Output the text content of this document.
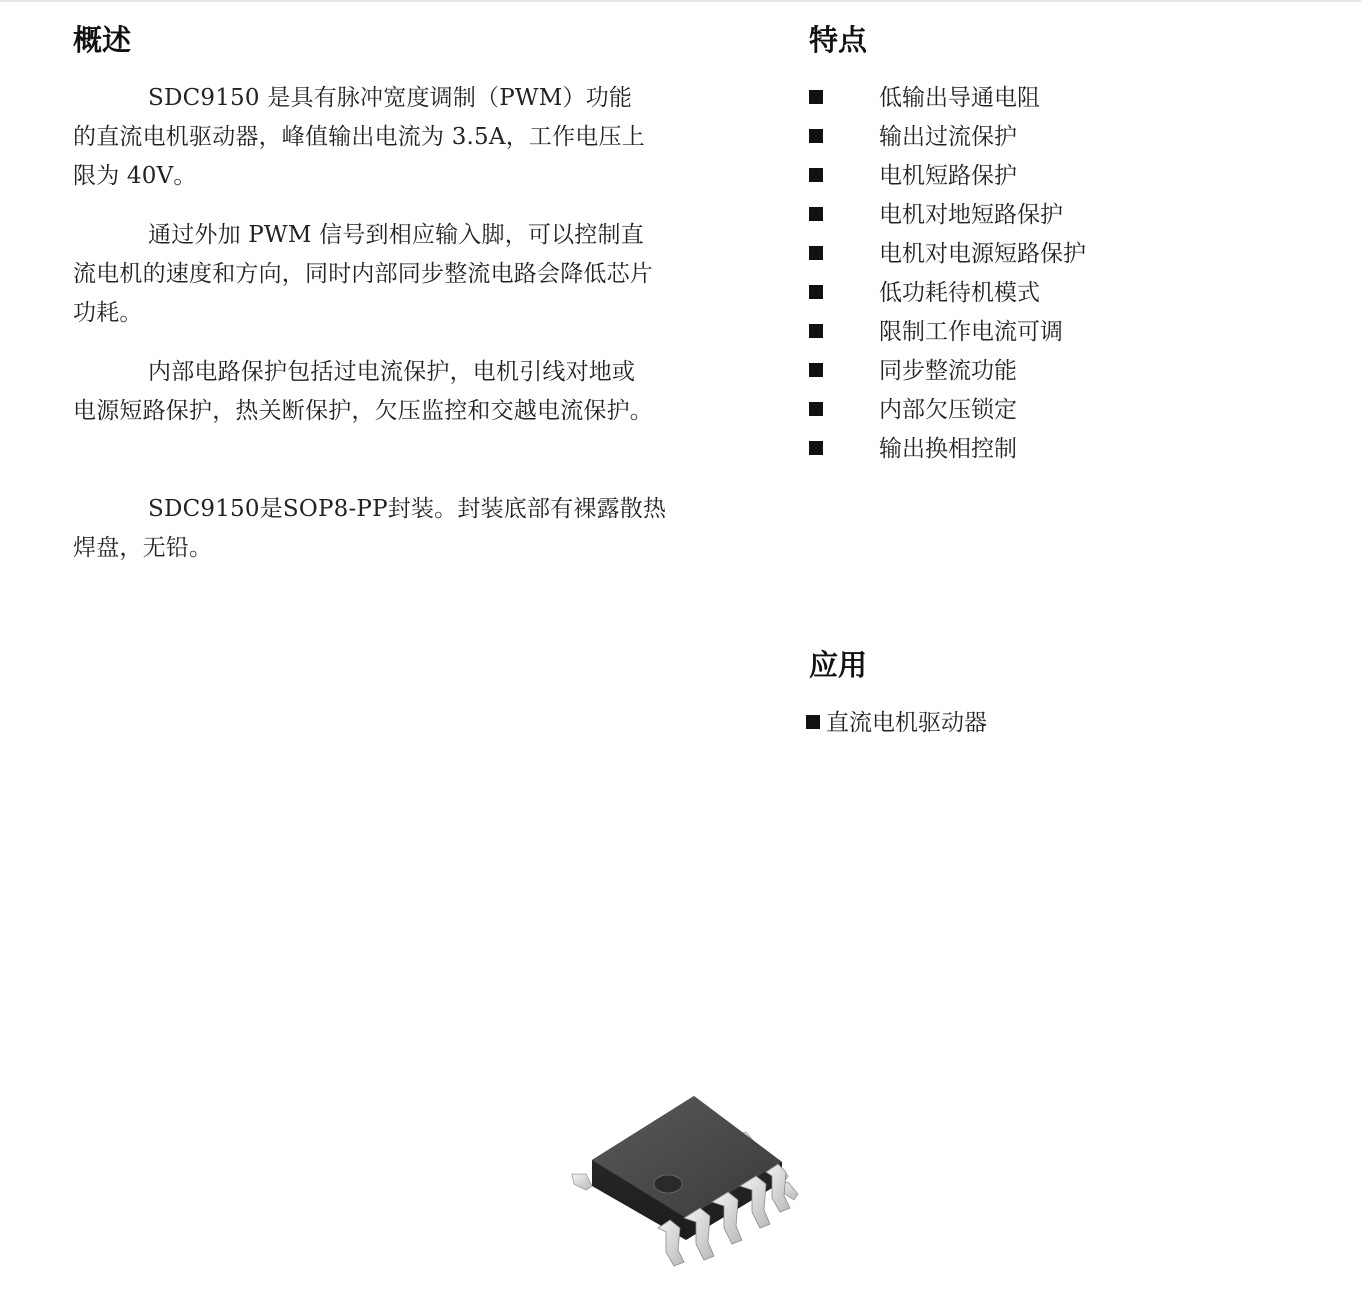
概述

SDC9150 是具有脉冲宽度调制（PWM）功能的直流电机驱动器，峰值输出电流为 3.5A，工作电压上限为 40V。

通过外加 PWM 信号到相应输入脚，可以控制直流电机的速度和方向，同时内部同步整流电路会降低芯片功耗。

内部电路保护包括过电流保护，电机引线对地或电源短路保护，热关断保护，欠压监控和交越电流保护。

SDC9150是SOP8-PP封装。封装底部有裸露散热焊盘，无铅。

特点
低输出导通电阻
输出过流保护
电机短路保护
电机对地短路保护
电机对电源短路保护
低功耗待机模式
限制工作电流可调
同步整流功能
内部欠压锁定
输出换相控制
应用
直流电机驱动器
